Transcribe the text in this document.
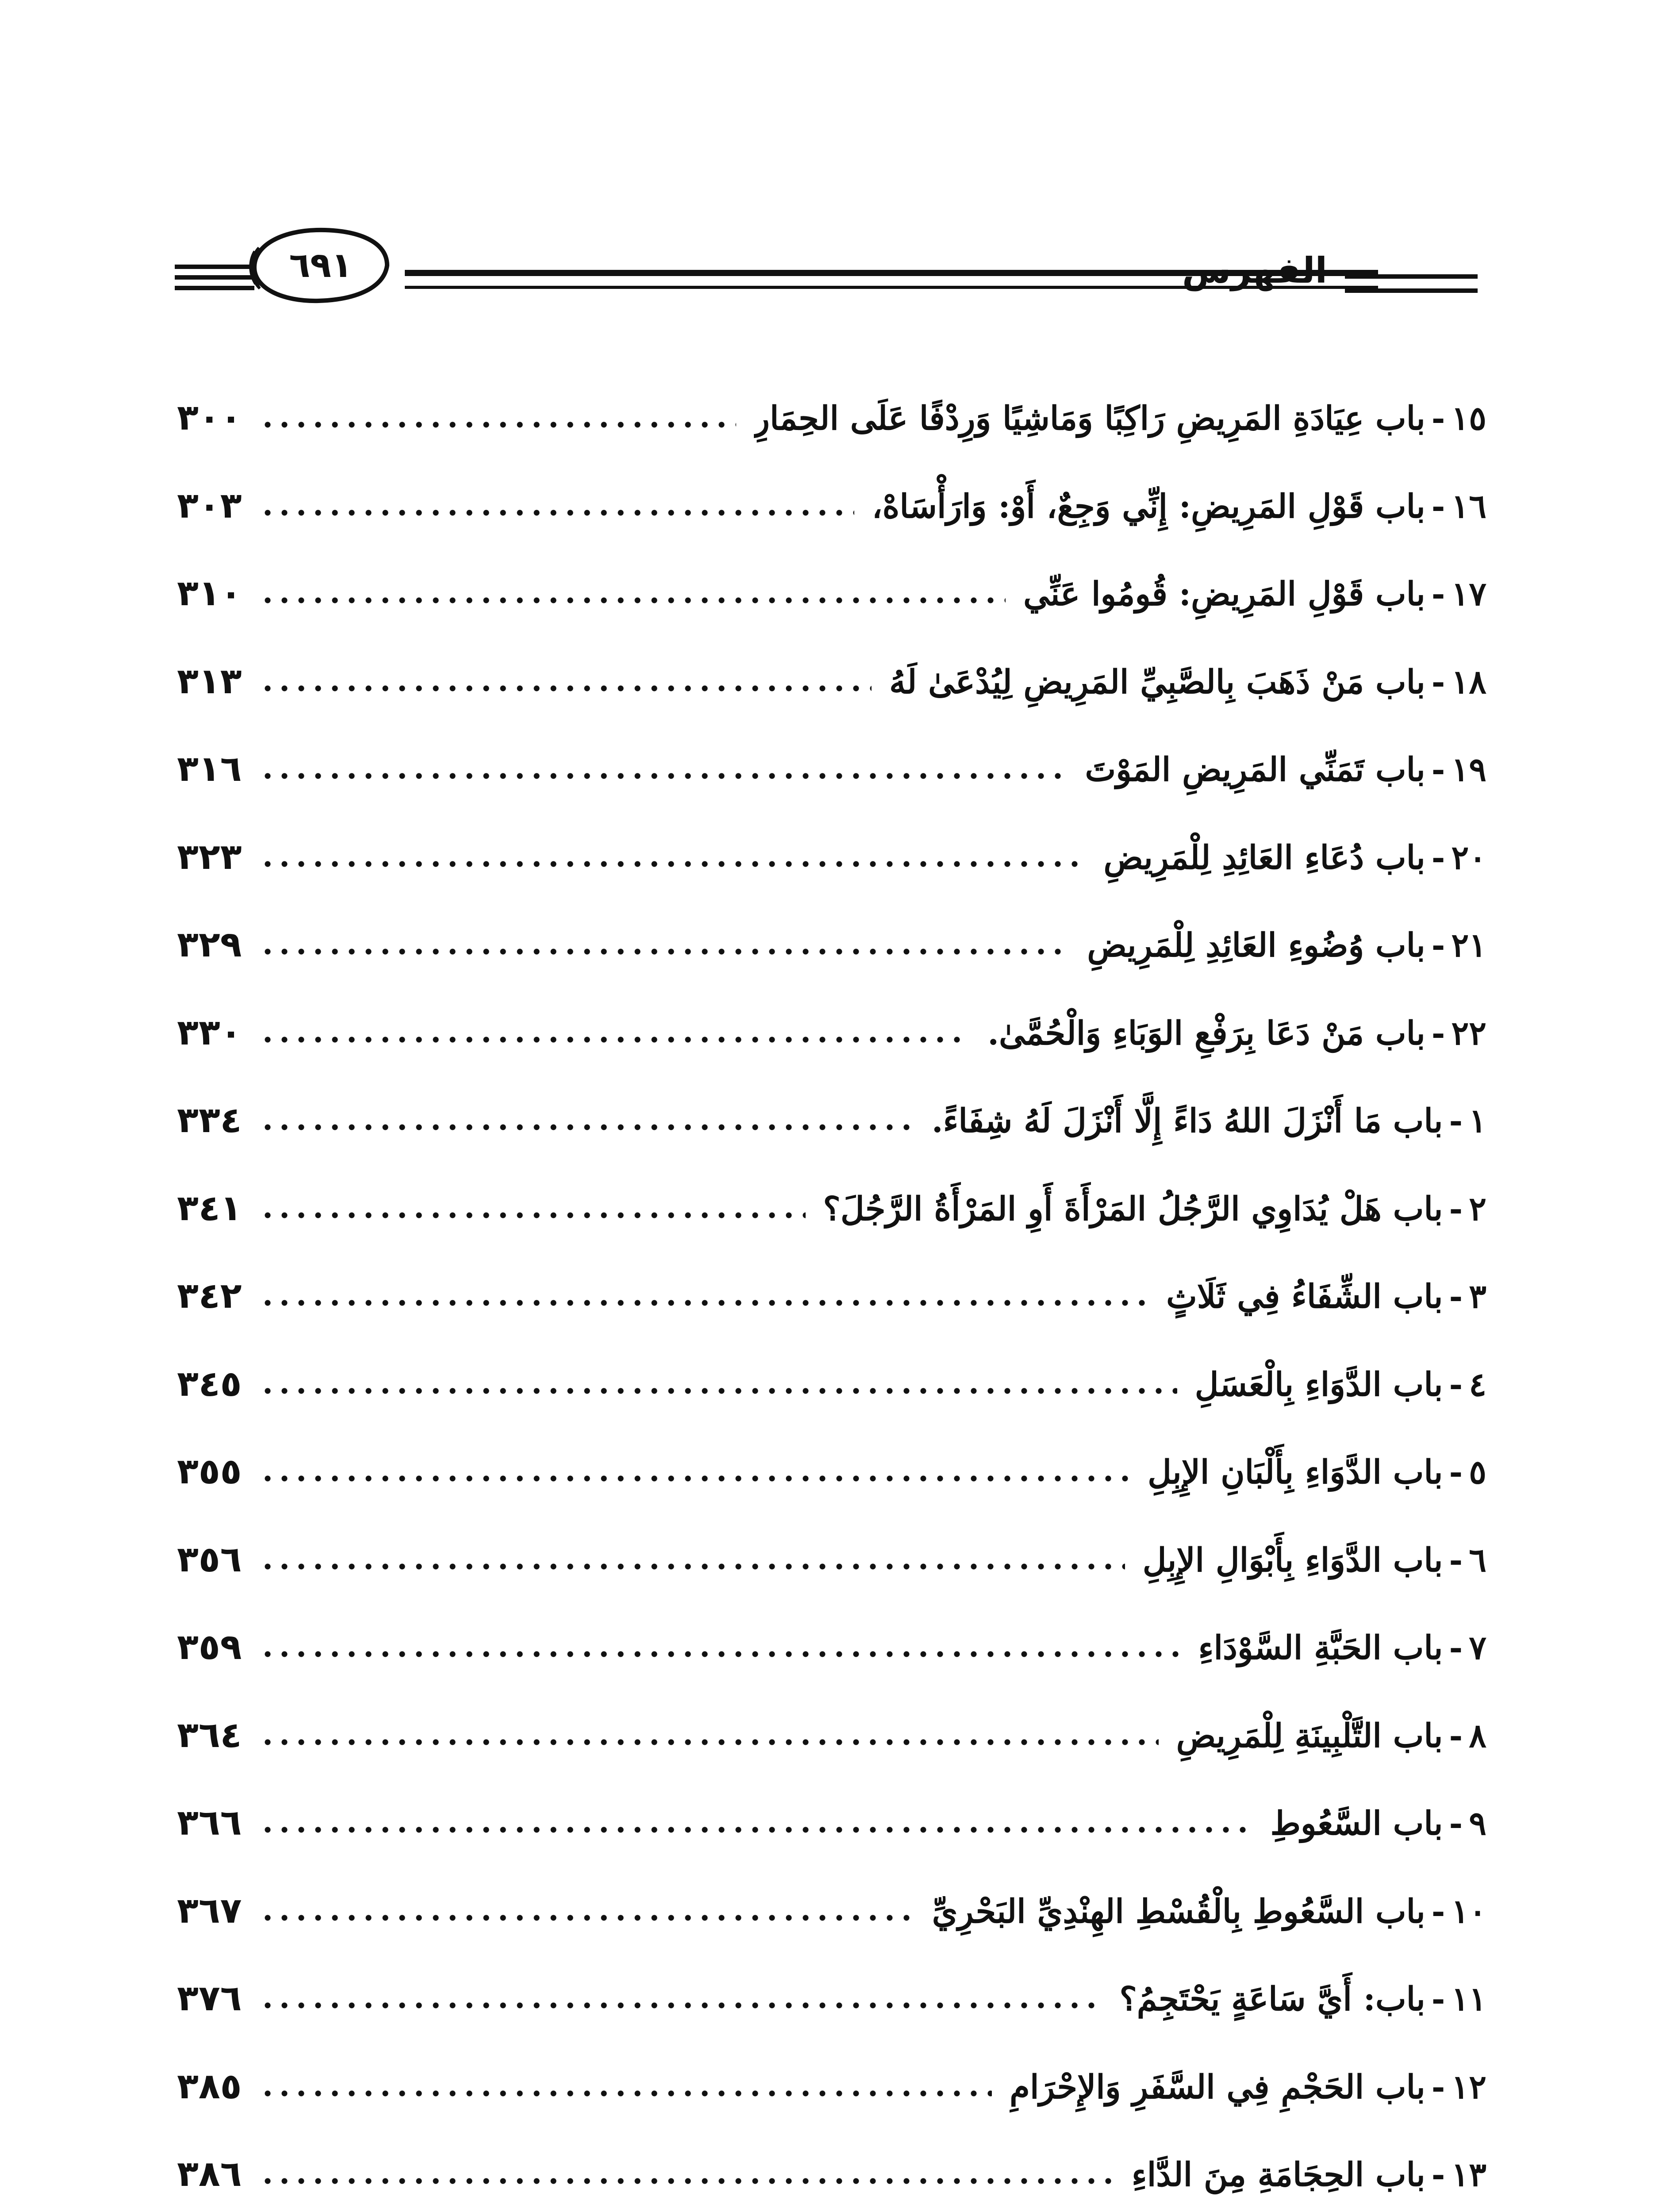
٦٩١
١٥
-
باب عِيَادَةِ المَرِيضِ رَاكِبًا وَمَاشِيًا وَرِدْفًا عَلَى الحِمَارِ
٣٠٠
١٦
-
باب قَوْلِ المَرِيضِ: إِنِّي وَجِعٌ، أَوْ: وَارَأْسَاهْ،
٣٠٣
١٧
-
باب قَوْلِ المَرِيضِ: قُومُوا عَنِّي
٣١٠
١٨
-
باب مَنْ ذَهَبَ بِالصَّبِيِّ المَرِيضِ لِيُدْعَىٰ لَهُ
٣١٣
١٩
-
باب تَمَنِّي المَرِيضِ المَوْتَ
٣١٦
٢٠
-
باب دُعَاءِ العَائِدِ لِلْمَرِيضِ
٣٢٣
٢١
-
باب وُضُوءِ العَائِدِ لِلْمَرِيضِ
٣٢٩
٢٢
-
باب مَنْ دَعَا بِرَفْعِ الوَبَاءِ وَالْحُمَّىٰ.
٣٣٠
١
-
باب مَا أَنْزَلَ اللهُ دَاءً إِلَّا أَنْزَلَ لَهُ شِفَاءً.
٣٣٤
٢
-
باب هَلْ يُدَاوِي الرَّجُلُ المَرْأَةَ أَوِ المَرْأَةُ الرَّجُلَ؟
٣٤١
٣
-
باب الشِّفَاءُ فِي ثَلَاثٍ
٣٤٢
٤
-
باب الدَّوَاءِ بِالْعَسَلِ
٣٤٥
٥
-
باب الدَّوَاءِ بِأَلْبَانِ الإِبِلِ
٣٥٥
٦
-
باب الدَّوَاءِ بِأَبْوَالِ الإِبِلِ
٣٥٦
٧
-
باب الحَبَّةِ السَّوْدَاءِ
٣٥٩
٨
-
باب التَّلْبِينَةِ لِلْمَرِيضِ
٣٦٤
٩
-
باب السَّعُوطِ
٣٦٦
١٠
-
باب السَّعُوطِ بِالْقُسْطِ الهِنْدِيِّ البَحْرِيِّ
٣٦٧
١١
-
باب: أَيَّ سَاعَةٍ يَحْتَجِمُ؟
٣٧٦
١٢
-
باب الحَجْمِ فِي السَّفَرِ وَالإِحْرَامِ
٣٨٥
١٣
-
باب الحِجَامَةِ مِنَ الدَّاءِ
٣٨٦
